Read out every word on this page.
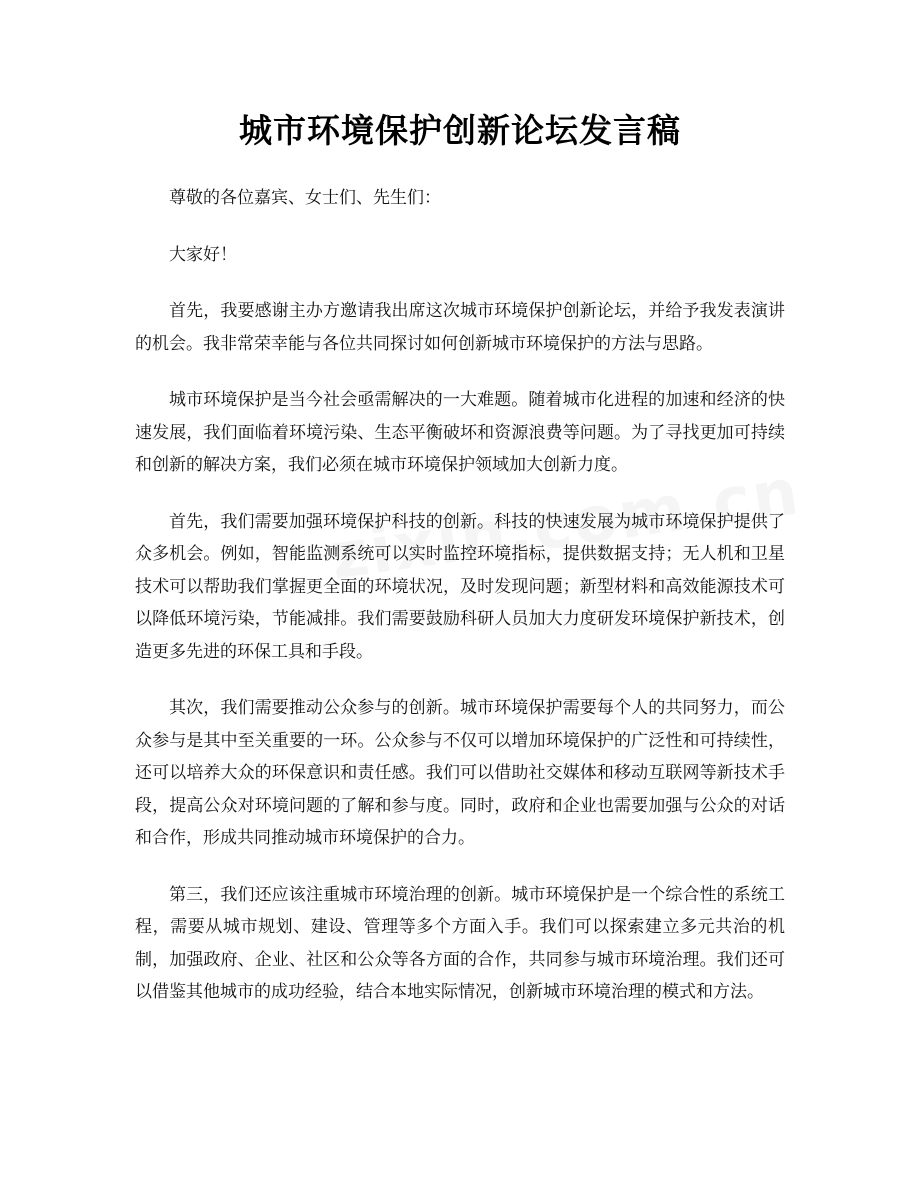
城市环境保护创新论坛发言稿

尊敬的各位嘉宾、女士们、先生们：

大家好！

首先，我要感谢主办方邀请我出席这次城市环境保护创新论坛，并给予我发表演讲的机会。我非常荣幸能与各位共同探讨如何创新城市环境保护的方法与思路。

城市环境保护是当今社会亟需解决的一大难题。随着城市化进程的加速和经济的快速发展，我们面临着环境污染、生态平衡破坏和资源浪费等问题。为了寻找更加可持续和创新的解决方案，我们必须在城市环境保护领域加大创新力度。

首先，我们需要加强环境保护科技的创新。科技的快速发展为城市环境保护提供了众多机会。例如，智能监测系统可以实时监控环境指标，提供数据支持；无人机和卫星技术可以帮助我们掌握更全面的环境状况，及时发现问题；新型材料和高效能源技术可以降低环境污染，节能减排。我们需要鼓励科研人员加大力度研发环境保护新技术，创造更多先进的环保工具和手段。

其次，我们需要推动公众参与的创新。城市环境保护需要每个人的共同努力，而公众参与是其中至关重要的一环。公众参与不仅可以增加环境保护的广泛性和可持续性，还可以培养大众的环保意识和责任感。我们可以借助社交媒体和移动互联网等新技术手段，提高公众对环境问题的了解和参与度。同时，政府和企业也需要加强与公众的对话和合作，形成共同推动城市环境保护的合力。

第三，我们还应该注重城市环境治理的创新。城市环境保护是一个综合性的系统工程，需要从城市规划、建设、管理等多个方面入手。我们可以探索建立多元共治的机制，加强政府、企业、社区和公众等各方面的合作，共同参与城市环境治理。我们还可以借鉴其他城市的成功经验，结合本地实际情况，创新城市环境治理的模式和方法。
